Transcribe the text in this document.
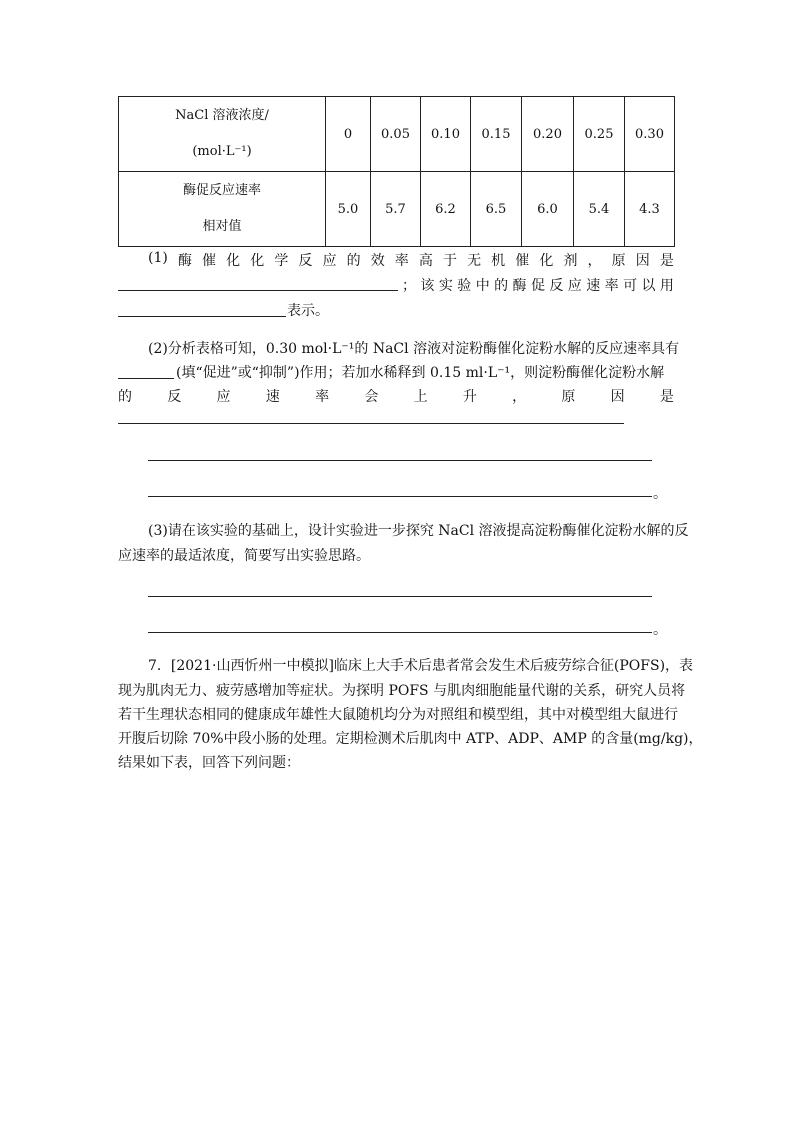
NaCl 溶液浓度/
(mol·L⁻¹)	0	0.05	0.10	0.15	0.20	0.25	0.30

酶促反应速率
相对值	5.0	5.7	6.2	6.5	6.0	5.4	4.3
(1) 酶 催 化 化 学 反 应 的 效 率 高 于 无 机 催 化 剂 ， 原 因 是
； 该 实 验 中 的 酶 促 反 应 速 率 可 以 用
表示。
(2)分析表格可知，0.30 mol·L⁻¹的 NaCl 溶液对淀粉酶催化淀粉水解的反应速率具有
(填“促进”或“抑制”)作用；若加水稀释到 0.15 ml·L⁻¹，则淀粉酶催化淀粉水解
的	反	应	速	率	会	上	升	，	原	因	是
。
(3)请在该实验的基础上，设计实验进一步探究 NaCl 溶液提高淀粉酶催化淀粉水解的反
应速率的最适浓度，简要写出实验思路。
。
7．[2021·山西忻州一中模拟]临床上大手术后患者常会发生术后疲劳综合征(POFS)，表
现为肌肉无力、疲劳感增加等症状。为探明 POFS 与肌肉细胞能量代谢的关系，研究人员将
若干生理状态相同的健康成年雄性大鼠随机均分为对照组和模型组，其中对模型组大鼠进行
开腹后切除 70%中段小肠的处理。定期检测术后肌肉中 ATP、ADP、AMP 的含量(mg/kg)，
结果如下表，回答下列问题：
